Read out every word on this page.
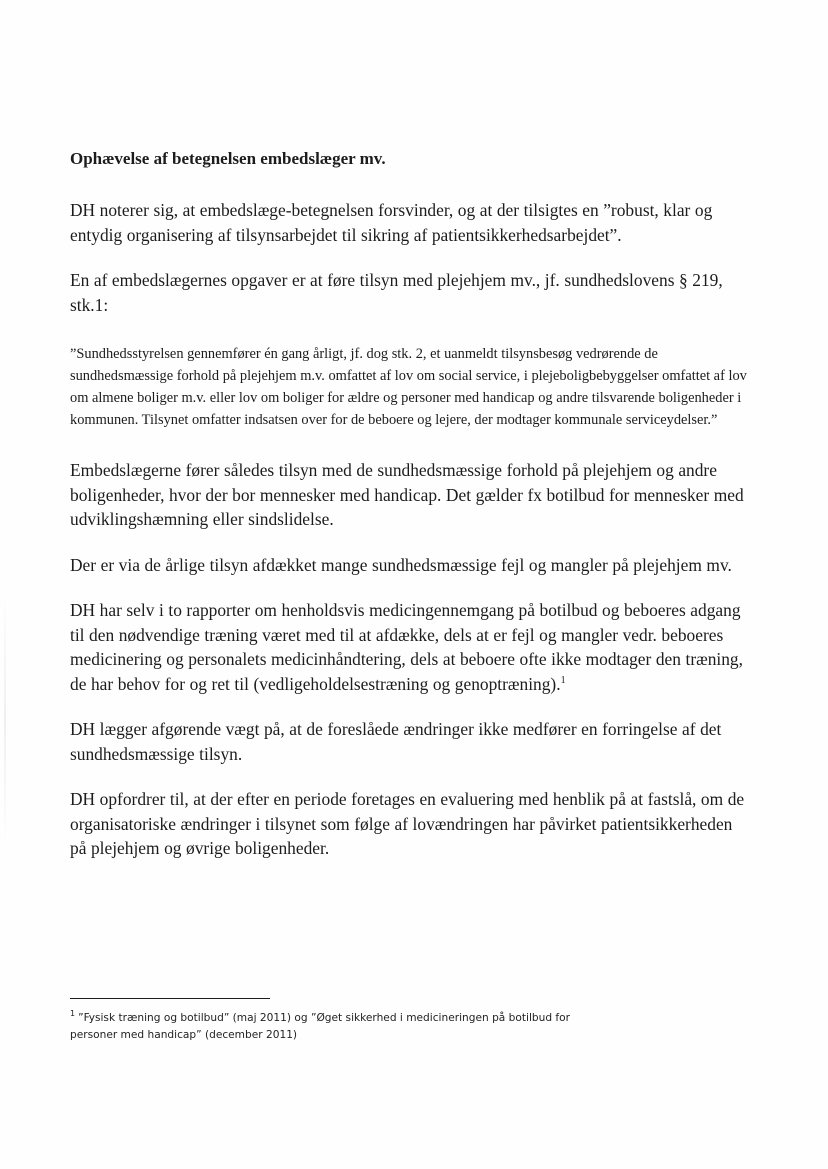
Ophævelse af betegnelsen embedslæger mv.

DH noterer sig, at embedslæge-betegnelsen forsvinder, og at der tilsigtes en ”robust, klar og entydig organisering af tilsynsarbejdet til sikring af patientsikkerhedsarbejdet”.

En af embedslægernes opgaver er at føre tilsyn med plejehjem mv., jf. sundhedslovens § 219, stk.1:

”Sundhedsstyrelsen gennemfører én gang årligt, jf. dog stk. 2, et uanmeldt tilsynsbesøg vedrørende de sundhedsmæssige forhold på plejehjem m.v. omfattet af lov om social service, i plejeboligbebyggelser omfattet af lov om almene boliger m.v. eller lov om boliger for ældre og personer med handicap og andre tilsvarende boligenheder i kommunen. Tilsynet omfatter indsatsen over for de beboere og lejere, der modtager kommunale serviceydelser.”

Embedslægerne fører således tilsyn med de sundhedsmæssige forhold på plejehjem og andre boligenheder, hvor der bor mennesker med handicap. Det gælder fx botilbud for mennesker med udviklingshæmning eller sindslidelse.

Der er via de årlige tilsyn afdækket mange sundhedsmæssige fejl og mangler på plejehjem mv.

DH har selv i to rapporter om henholdsvis medicingennemgang på botilbud og beboeres adgang til den nødvendige træning været med til at afdække, dels at er fejl og mangler vedr. beboeres medicinering og personalets medicinhåndtering, dels at beboere ofte ikke modtager den træning, de har behov for og ret til (vedligeholdelsestræning og genoptræning).$^1$

DH lægger afgørende vægt på, at de foreslåede ændringer ikke medfører en forringelse af det sundhedsmæssige tilsyn.

DH opfordrer til, at der efter en periode foretages en evaluering med henblik på at fastslå, om de organisatoriske ændringer i tilsynet som følge af lovændringen har påvirket patientsikkerheden på plejehjem og øvrige boligenheder.

$^1$ ”Fysisk træning og botilbud” (maj 2011) og ”Øget sikkerhed i medicineringen på botilbud for personer med handicap” (december 2011)
